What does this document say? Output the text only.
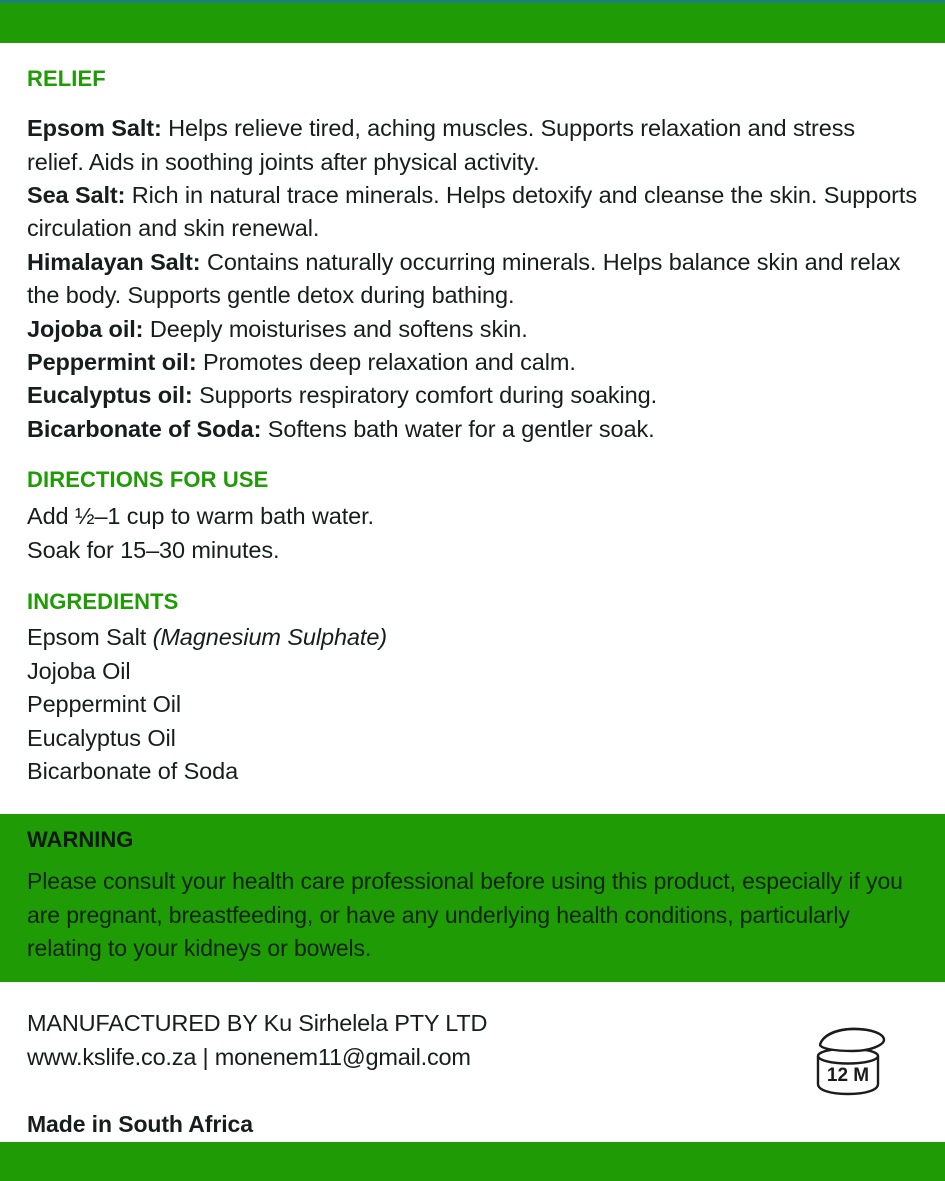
RELIEF
Epsom Salt: Helps relieve tired, aching muscles. Supports relaxation and stress relief. Aids in soothing joints after physical activity.
Sea Salt: Rich in natural trace minerals. Helps detoxify and cleanse the skin. Supports circulation and skin renewal.
Himalayan Salt: Contains naturally occurring minerals. Helps balance skin and relax the body. Supports gentle detox during bathing.
Jojoba oil: Deeply moisturises and softens skin.
Peppermint oil: Promotes deep relaxation and calm.
Eucalyptus oil: Supports respiratory comfort during soaking.
Bicarbonate of Soda: Softens bath water for a gentler soak.
DIRECTIONS FOR USE
Add ½–1 cup to warm bath water.
Soak for 15–30 minutes.
INGREDIENTS
Epsom Salt (Magnesium Sulphate)
Jojoba Oil
Peppermint Oil
Eucalyptus Oil
Bicarbonate of Soda
WARNING
Please consult your health care professional before using this product, especially if you are pregnant, breastfeeding, or have any underlying health conditions, particularly relating to your kidneys or bowels.
MANUFACTURED BY Ku Sirhelela PTY LTD
www.kslife.co.za | monenem11@gmail.com
Made in South Africa
12 M
